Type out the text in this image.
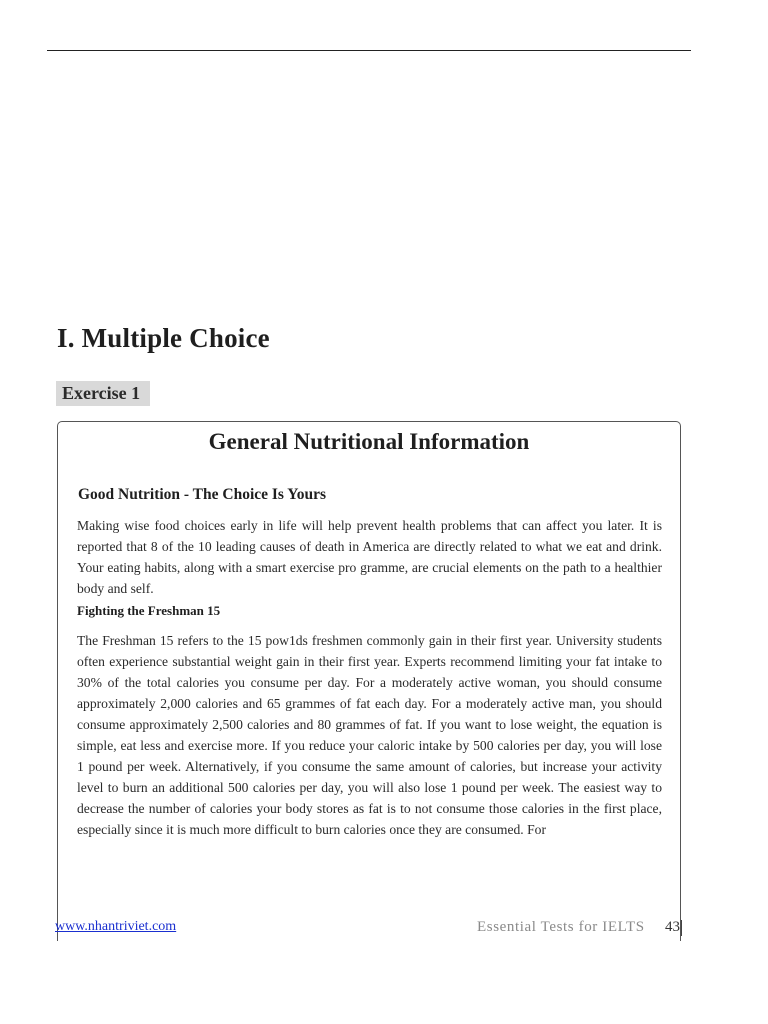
I. Multiple Choice
Exercise 1
General Nutritional Information
Good Nutrition - The Choice Is Yours

Making wise food choices early in life will help prevent health problems that can affect you later. It is reported that 8 of the 10 leading causes of death in America are directly related to what we eat and drink. Your eating habits, along with a smart exercise pro gramme, are crucial elements on the path to a healthier body and self.

Fighting the Freshman 15

The Freshman 15 refers to the 15 pow1ds freshmen commonly gain in their first year. University students often experience substantial weight gain in their first year. Experts recommend limiting your fat intake to 30% of the total calories you consume per day. For a moderately active woman, you should consume approximately 2,000 calories and 65 grammes of fat each day. For a moderately active man, you should consume approximately 2,500 calories and 80 grammes of fat. If you want to lose weight, the equation is simple, eat less and exercise more. If you reduce your caloric intake by 500 calories per day, you will lose 1 pound per week. Alternatively, if you consume the same amount of calories, but increase your activity level to burn an additional 500 calories per day, you will also lose 1 pound per week. The easiest way to decrease the number of calories your body stores as fat is to not consume those calories in the first place, especially since it is much more difficult to burn calories once they are consumed. For

www.nhantriviet.com	Essential Tests for IELTS 43
